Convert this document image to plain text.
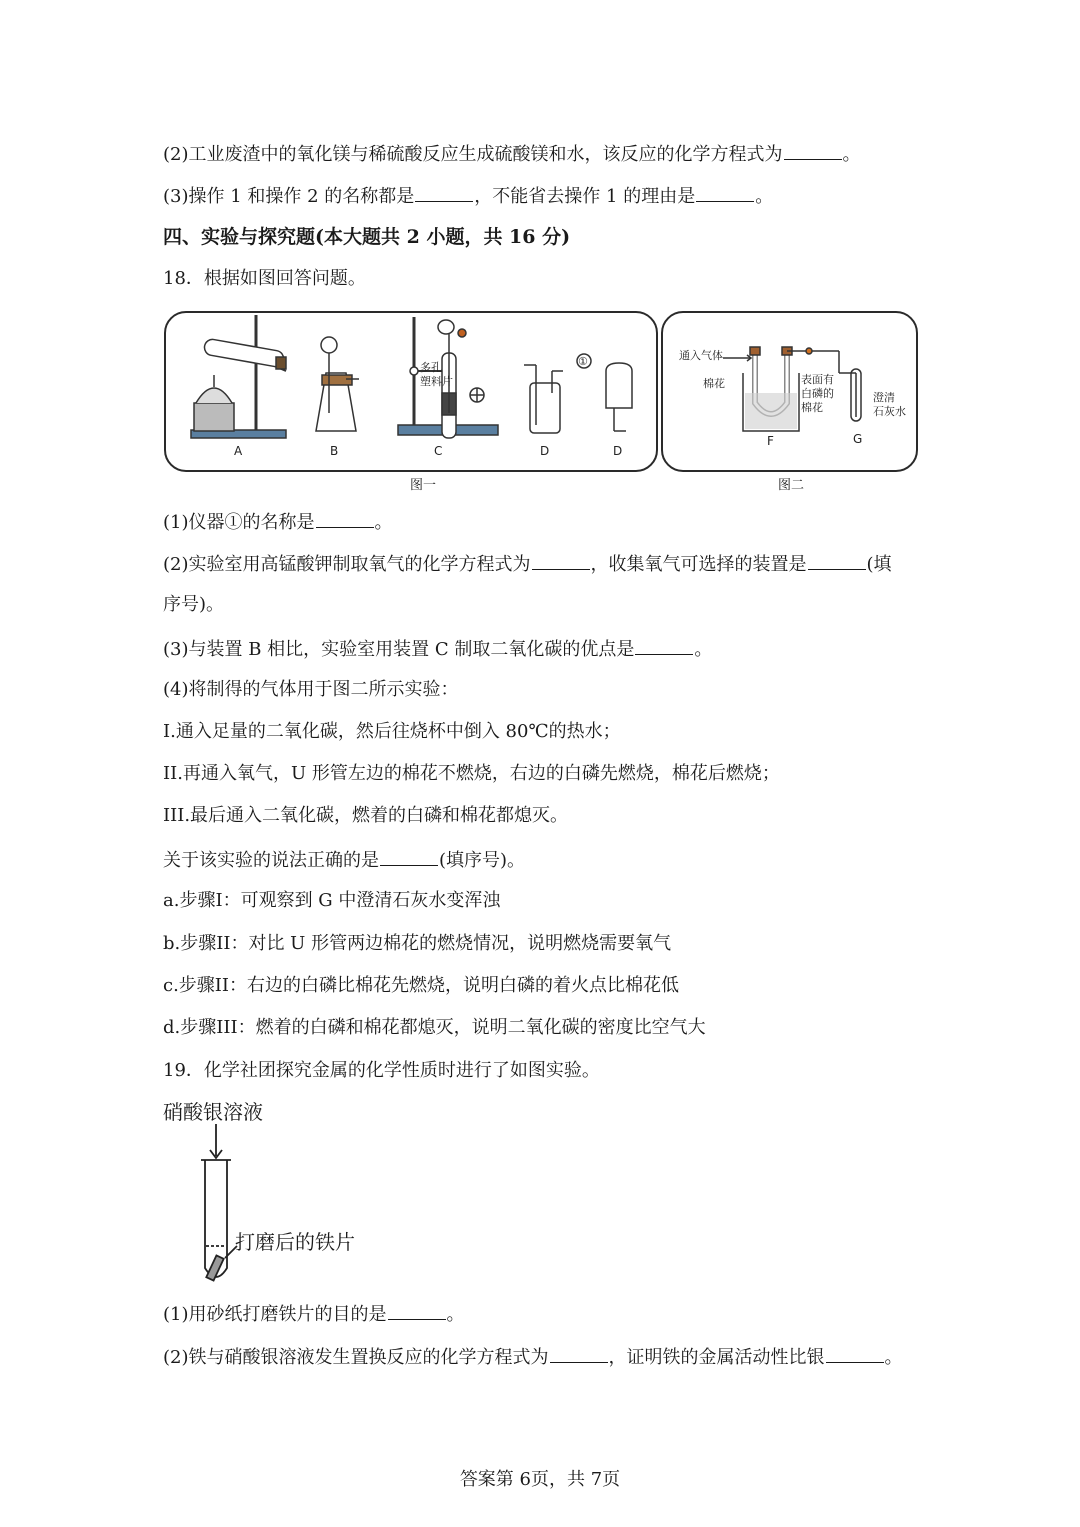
(2)工业废渣中的氧化镁与稀硫酸反应生成硫酸镁和水，该反应的化学方程式为	。
(3)操作 1 和操作 2 的名称都是	，不能省去操作 1 的理由是	。
四、实验与探究题(本大题共 2 小题，共 16 分)
18．根据如图回答问题。
多孔
塑料片
①
A	B	C	D	D
图一
通入气体
棉花	表面有
白磷的
棉花
澄清
石灰水
F	G
图二
(1)仪器①的名称是	。
(2)实验室用高锰酸钾制取氧气的化学方程式为	，收集氧气可选择的装置是	(填
序号)。
(3)与装置 B 相比，实验室用装置 C 制取二氧化碳的优点是	。
(4)将制得的气体用于图二所示实验：
I.通入足量的二氧化碳，然后往烧杯中倒入 80℃的热水；
II.再通入氧气，U 形管左边的棉花不燃烧，右边的白磷先燃烧，棉花后燃烧；
III.最后通入二氧化碳，燃着的白磷和棉花都熄灭。
关于该实验的说法正确的是	(填序号)。
a.步骤I：可观察到 G 中澄清石灰水变浑浊
b.步骤II：对比 U 形管两边棉花的燃烧情况，说明燃烧需要氧气
c.步骤II：右边的白磷比棉花先燃烧，说明白磷的着火点比棉花低
d.步骤III：燃着的白磷和棉花都熄灭，说明二氧化碳的密度比空气大
19．化学社团探究金属的化学性质时进行了如图实验。
硝酸银溶液
打磨后的铁片
(1)用砂纸打磨铁片的目的是	。
(2)铁与硝酸银溶液发生置换反应的化学方程式为	，证明铁的金属活动性比银	。
答案第 6页，共 7页
